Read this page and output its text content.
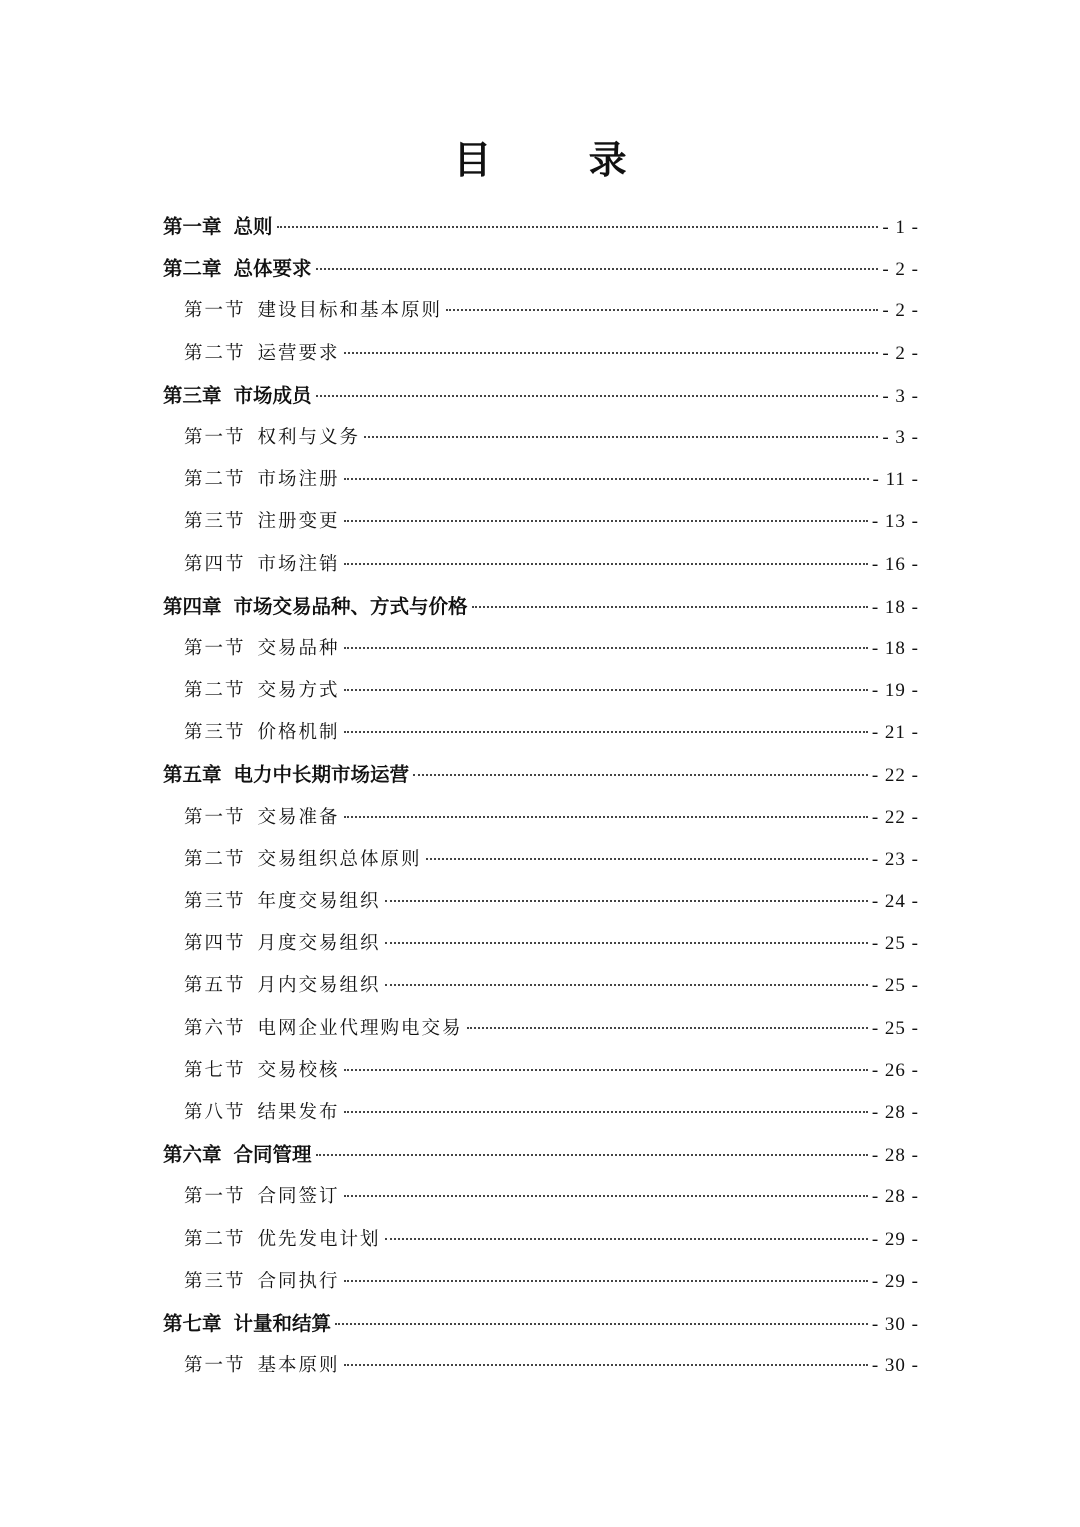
目 录
第一章 总则	- 1 -
第二章 总体要求	- 2 -
第一节 建设目标和基本原则	- 2 -
第二节 运营要求	- 2 -
第三章 市场成员	- 3 -
第一节 权利与义务	- 3 -
第二节 市场注册	- 11 -
第三节 注册变更	- 13 -
第四节 市场注销	- 16 -
第四章 市场交易品种、方式与价格	- 18 -
第一节 交易品种	- 18 -
第二节 交易方式	- 19 -
第三节 价格机制	- 21 -
第五章 电力中长期市场运营	- 22 -
第一节 交易准备	- 22 -
第二节 交易组织总体原则	- 23 -
第三节 年度交易组织	- 24 -
第四节 月度交易组织	- 25 -
第五节 月内交易组织	- 25 -
第六节 电网企业代理购电交易	- 25 -
第七节 交易校核	- 26 -
第八节 结果发布	- 28 -
第六章 合同管理	- 28 -
第一节 合同签订	- 28 -
第二节 优先发电计划	- 29 -
第三节 合同执行	- 29 -
第七章 计量和结算	- 30 -
第一节 基本原则	- 30 -
